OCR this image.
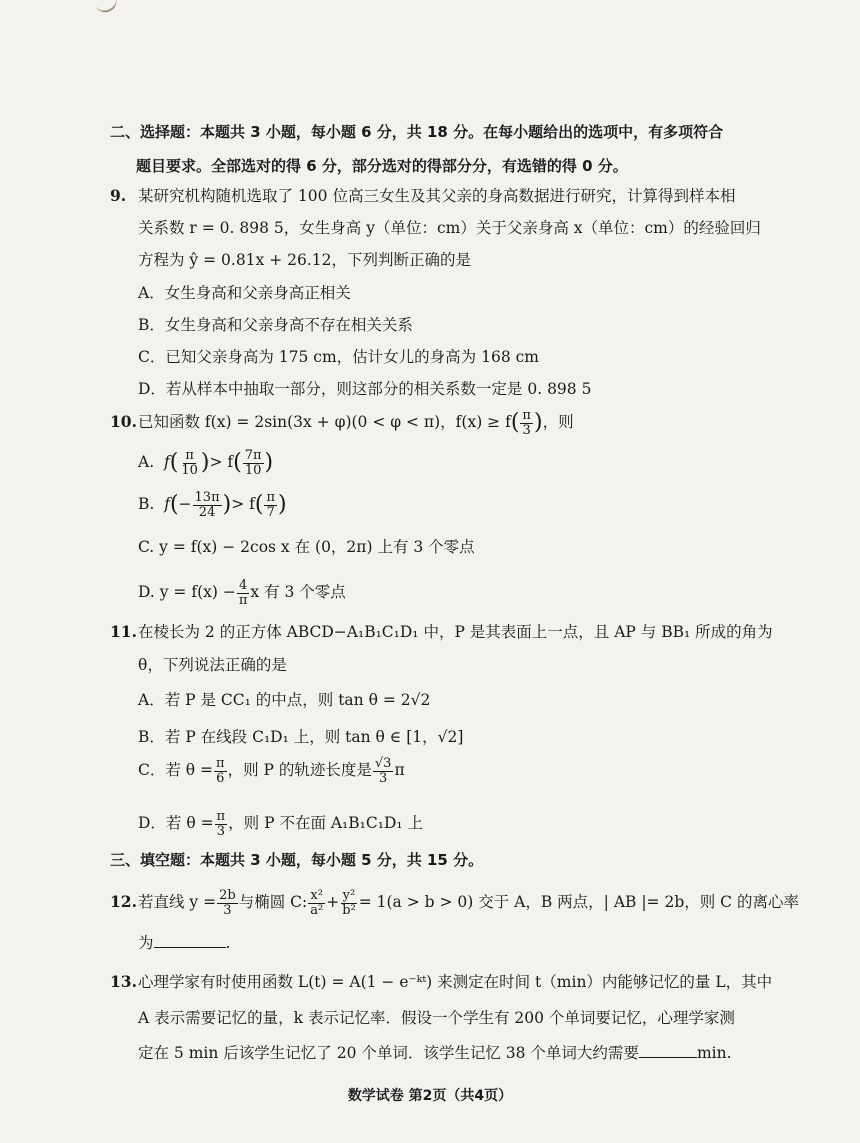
二、选择题：本题共 3 小题，每小题 6 分，共 18 分。在每小题给出的选项中，有多项符合
题目要求。全部选对的得 6 分，部分选对的得部分分，有选错的得 0 分。
9. 某研究机构随机选取了 100 位高三女生及其父亲的身高数据进行研究，计算得到样本相
关系数 r = 0. 898 5，女生身高 y（单位：cm）关于父亲身高 x（单位：cm）的经验回归
方程为 ŷ = 0.81x + 26.12，下列判断正确的是
A．女生身高和父亲身高正相关
B．女生身高和父亲身高不存在相关关系
C．已知父亲身高为 175 cm，估计女儿的身高为 168 cm
D．若从样本中抽取一部分，则这部分的相关系数一定是 0. 898 5
10.已知函数 f(x) = 2sin(3x + φ)(0 < φ < π)，$f(x) \ge f( \frac{\pi}{3}$ )，则
A. $f( \frac{\pi}{10}$ )> $f( \frac{7\pi}{10}$ )
B. $f(- \frac{13\pi}{24}$ )> $f( \frac{\pi}{7}$ )
C. y = f(x) − 2cos x 在 (0，2π) 上有 3 个零点
D. $y = f(x) - \frac{4}{\pi}$ x 有 3 个零点
11.在棱长为 2 的正方体 ABCD−A₁B₁C₁D₁ 中，P 是其表面上一点，且 AP 与 BB₁ 所成的角为
θ，下列说法正确的是
A．若 P 是 CC₁ 的中点，则 tan θ = 2√2
B．若 P 在线段 C₁D₁ 上，则 tan θ ∈ [1，√2]
C．若 $\theta = \frac{\pi}{6}$ ，则 P 的轨迹长度是 $\frac{√3}{3}$ π
D．若 $\theta = \frac{\pi}{3}$ ，则 P 不在面 A₁B₁C₁D₁ 上
三、填空题：本题共 3 小题，每小题 5 分，共 15 分。
12.若直线 $y = \frac{2b}{3}$ 与椭圆 C: $\frac{\text{x²}}{\text{a²}} + \frac{\text{y²}}{\text{b²}} = 1(a > b > 0)$ 交于 A，B 两点，| AB |= 2b，则 C 的离心率
为	.
13.心理学家有时使用函数 L(t) = A(1 − e⁻ᵏᵗ) 来测定在时间 t（min）内能够记忆的量 L，其中
A 表示需要记忆的量，k 表示记忆率．假设一个学生有 200 个单词要记忆，心理学家测
定在 5 min 后该学生记忆了 20 个单词．该学生记忆 38 个单词大约需要	min.
数学试卷 第2页（共4页）
